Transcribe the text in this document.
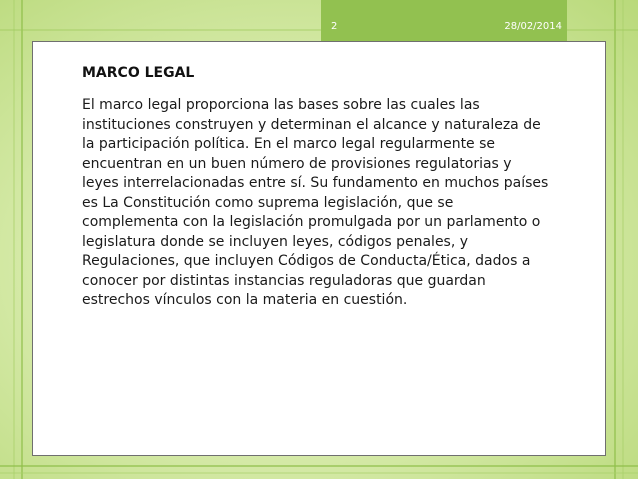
2	28/02/2014
MARCO LEGAL

El marco legal proporciona las bases sobre las cuales las instituciones construyen y determinan el alcance y naturaleza de la participación política. En el marco legal regularmente se encuentran en un buen número de provisiones regulatorias y leyes interrelacionadas entre sí. Su fundamento en muchos países es La Constitución como suprema legislación, que se complementa con la legislación promulgada por un parlamento o legislatura donde se incluyen leyes, códigos penales, y Regulaciones, que incluyen Códigos de Conducta/Ética, dados a conocer por distintas instancias reguladoras que guardan estrechos vínculos con la materia en cuestión.
